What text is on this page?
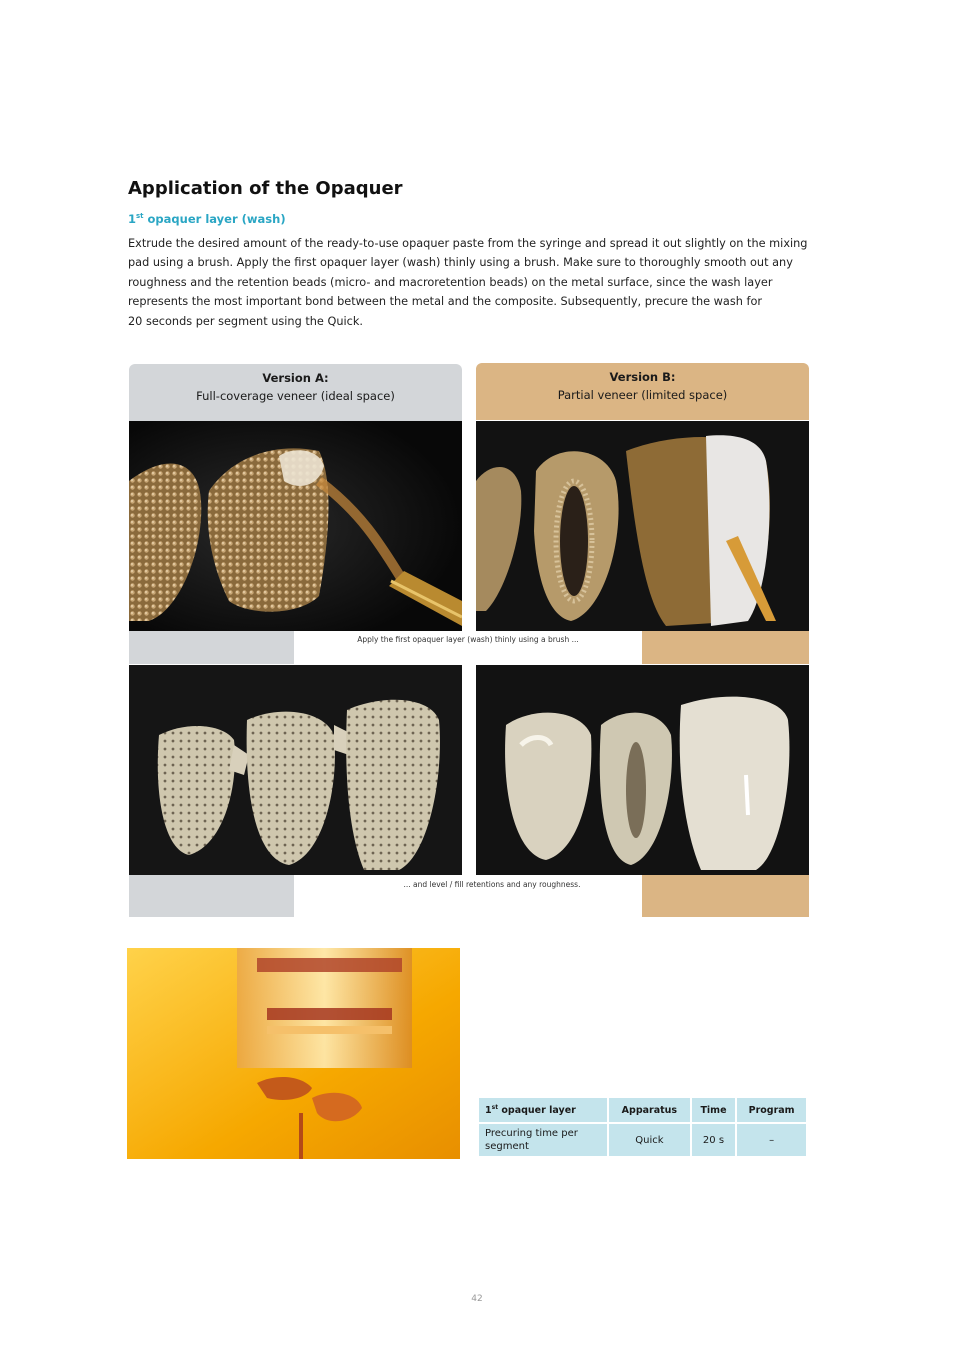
Application of the Opaquer
1st opaquer layer (wash)

Extrude the desired amount of the ready-to-use opaquer paste from the syringe and spread it out slightly on the mixing

pad using a brush. Apply the first opaquer layer (wash) thinly using a brush. Make sure to thoroughly smooth out any

roughness and the retention beads (micro- and macroretention beads) on the metal surface, since the wash layer

represents the most important bond between the metal and the composite. Subsequently, precure the wash for

20 seconds per segment using the Quick.

Version A:
Full-coverage veneer (ideal space)
Version B:
Partial veneer (limited space)
Apply the first opaquer layer (wash) thinly using a brush ...
... and level / fill retentions and any roughness.
1st opaquer layer	Apparatus	Time	Program
Precuring time per segment	Quick	20 s	–
42
